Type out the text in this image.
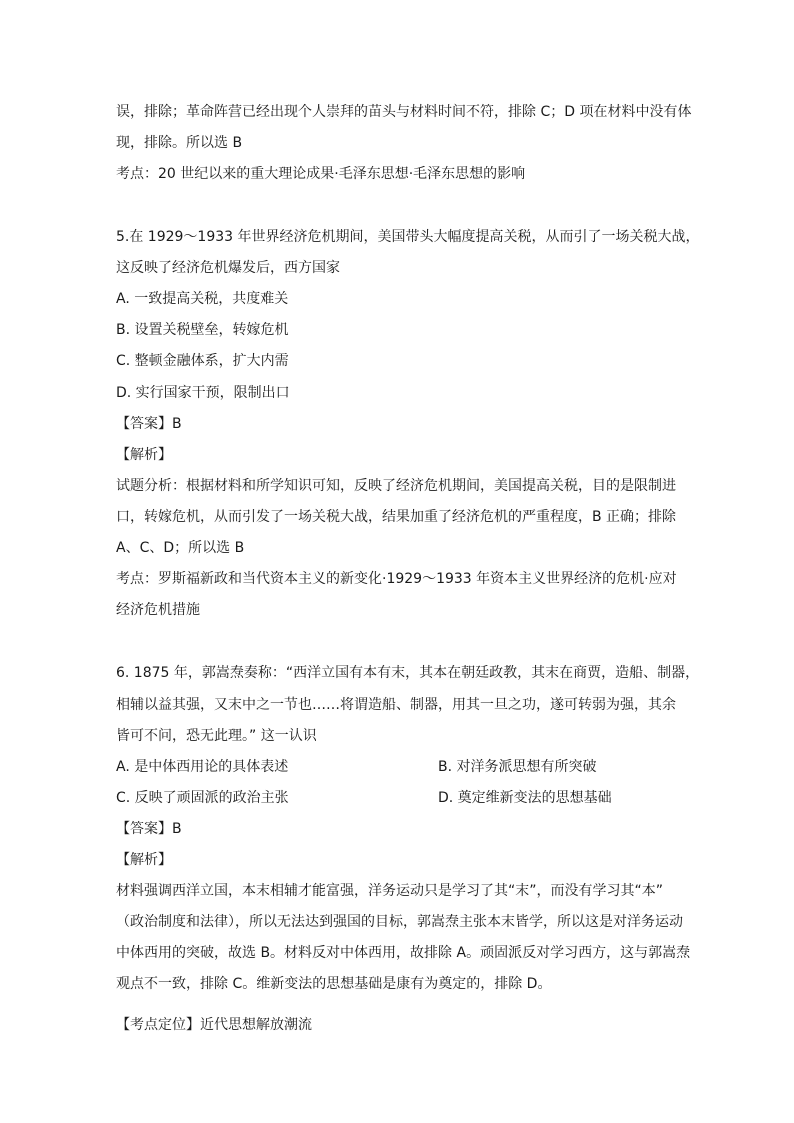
误，排除；革命阵营已经出现个人崇拜的苗头与材料时间不符，排除 C；D 项在材料中没有体
现，排除。所以选 B
考点：20 世纪以来的重大理论成果·毛泽东思想·毛泽东思想的影响
5.在 1929～1933 年世界经济危机期间，美国带头大幅度提高关税，从而引了一场关税大战，
这反映了经济危机爆发后，西方国家
A. 一致提高关税，共度难关
B. 设置关税壁垒，转嫁危机
C. 整顿金融体系，扩大内需
D. 实行国家干预，限制出口
【答案】B
【解析】
试题分析：根据材料和所学知识可知，反映了经济危机期间，美国提高关税，目的是限制进
口，转嫁危机，从而引发了一场关税大战，结果加重了经济危机的严重程度，B 正确；排除
A、C、D；所以选 B
考点：罗斯福新政和当代资本主义的新变化·1929～1933 年资本主义世界经济的危机·应对
经济危机措施
6. 1875 年，郭嵩焘奏称：“西洋立国有本有末，其本在朝廷政教，其末在商贾，造船、制器，
相辅以益其强，又末中之一节也……将谓造船、制器，用其一旦之功，遂可转弱为强，其余
皆可不问，恐无此理。” 这一认识
A. 是中体西用论的具体表述	B. 对洋务派思想有所突破
C. 反映了顽固派的政治主张	D. 奠定维新变法的思想基础
【答案】B
【解析】
材料强调西洋立国，本末相辅才能富强，洋务运动只是学习了其“末”，而没有学习其“本”
（政治制度和法律），所以无法达到强国的目标，郭嵩焘主张本末皆学，所以这是对洋务运动
中体西用的突破，故选 B。材料反对中体西用，故排除 A。顽固派反对学习西方，这与郭嵩焘
观点不一致，排除 C。维新变法的思想基础是康有为奠定的，排除 D。
【考点定位】近代思想解放潮流
